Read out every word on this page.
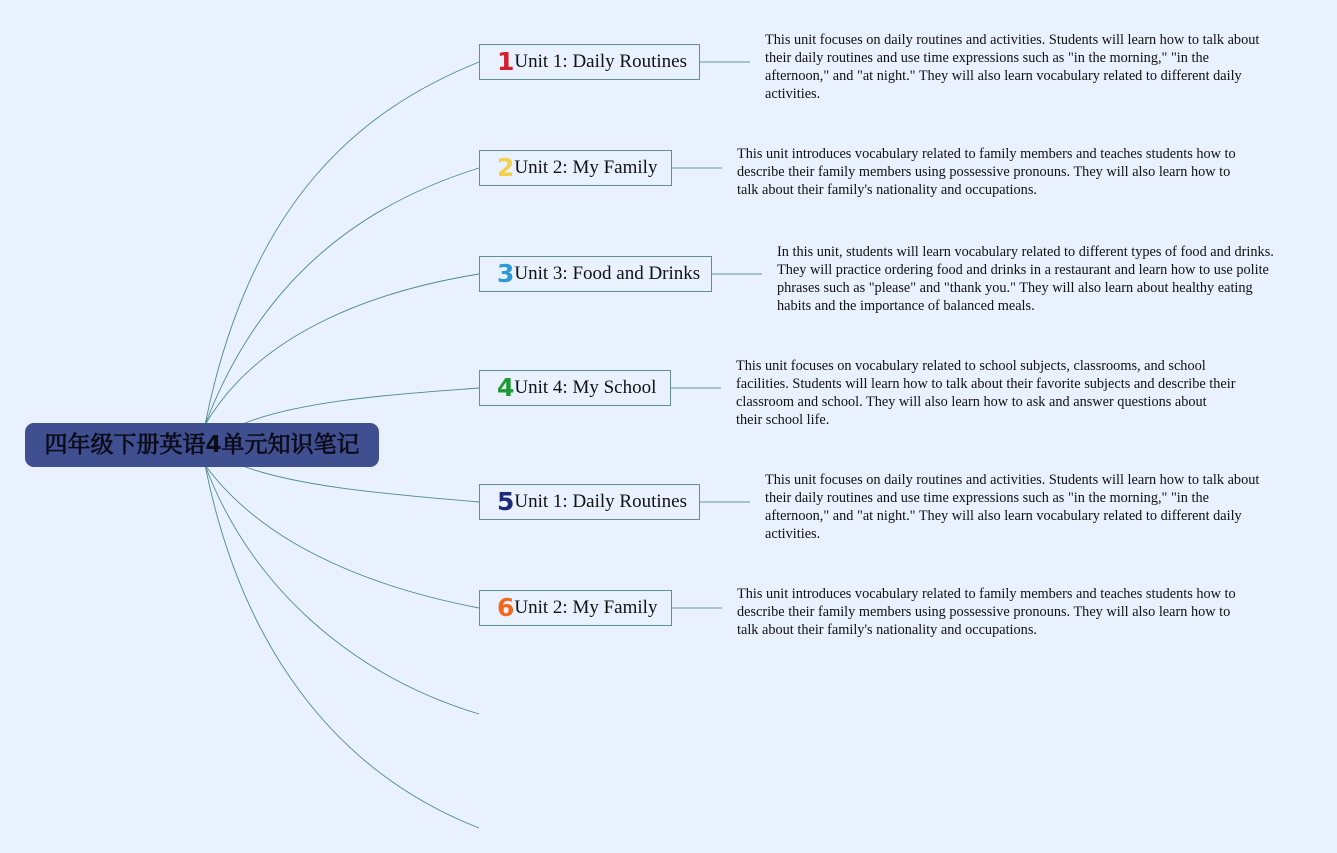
四年级下册英语4单元知识笔记
1 Unit 1: Daily Routines
This unit focuses on daily routines and activities. Students will learn how to talk about their daily routines and use time expressions such as "in the morning," "in the afternoon," and "at night." They will also learn vocabulary related to different daily activities.
2 Unit 2: My Family
This unit introduces vocabulary related to family members and teaches students how to describe their family members using possessive pronouns. They will also learn how to talk about their family's nationality and occupations.
3 Unit 3: Food and Drinks
In this unit, students will learn vocabulary related to different types of food and drinks. They will practice ordering food and drinks in a restaurant and learn how to use polite phrases such as "please" and "thank you." They will also learn about healthy eating habits and the importance of balanced meals.
4 Unit 4: My School
This unit focuses on vocabulary related to school subjects, classrooms, and school facilities. Students will learn how to talk about their favorite subjects and describe their classroom and school. They will also learn how to ask and answer questions about their school life.
5 Unit 1: Daily Routines
This unit focuses on daily routines and activities. Students will learn how to talk about their daily routines and use time expressions such as "in the morning," "in the afternoon," and "at night." They will also learn vocabulary related to different daily activities.
6 Unit 2: My Family
This unit introduces vocabulary related to family members and teaches students how to describe their family members using possessive pronouns. They will also learn how to talk about their family's nationality and occupations.
